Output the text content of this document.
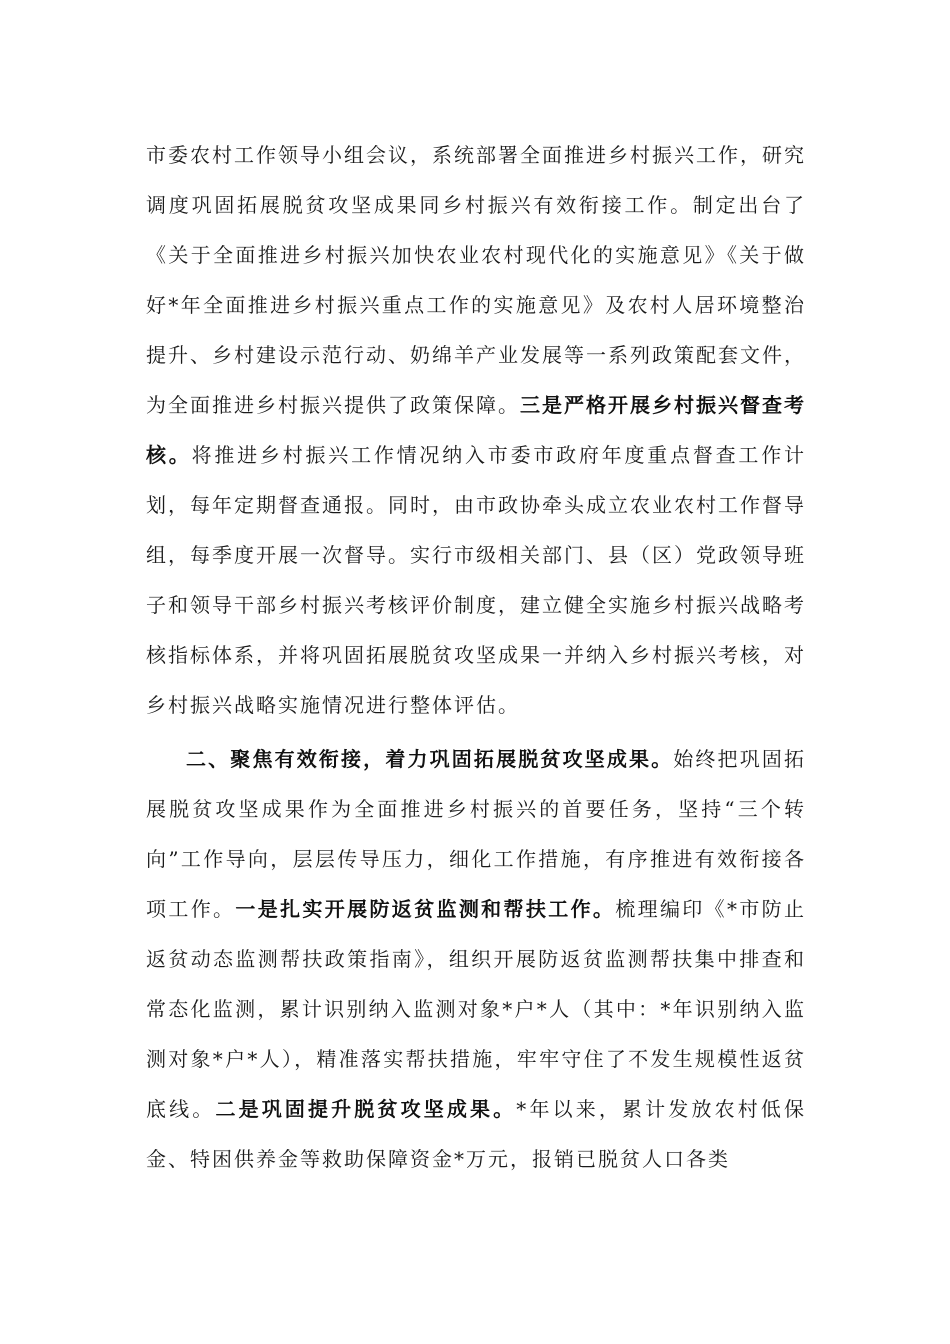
市委农村工作领导小组会议，系统部署全面推进乡村振兴工作，研究调度巩固拓展脱贫攻坚成果同乡村振兴有效衔接工作。制定出台了《关于全面推进乡村振兴加快农业农村现代化的实施意见》《关于做好*年全面推进乡村振兴重点工作的实施意见》及农村人居环境整治提升、乡村建设示范行动、奶绵羊产业发展等一系列政策配套文件，为全面推进乡村振兴提供了政策保障。三是严格开展乡村振兴督查考核。将推进乡村振兴工作情况纳入市委市政府年度重点督查工作计划，每年定期督查通报。同时，由市政协牵头成立农业农村工作督导组，每季度开展一次督导。实行市级相关部门、县（区）党政领导班子和领导干部乡村振兴考核评价制度，建立健全实施乡村振兴战略考核指标体系，并将巩固拓展脱贫攻坚成果一并纳入乡村振兴考核，对乡村振兴战略实施情况进行整体评估。

二、聚焦有效衔接，着力巩固拓展脱贫攻坚成果。始终把巩固拓展脱贫攻坚成果作为全面推进乡村振兴的首要任务，坚持“三个转向”工作导向，层层传导压力，细化工作措施，有序推进有效衔接各项工作。一是扎实开展防返贫监测和帮扶工作。梳理编印《*市防止返贫动态监测帮扶政策指南》，组织开展防返贫监测帮扶集中排查和常态化监测，累计识别纳入监测对象*户*人（其中：*年识别纳入监测对象*户*人），精准落实帮扶措施，牢牢守住了不发生规模性返贫底线。二是巩固提升脱贫攻坚成果。*年以来，累计发放农村低保金、特困供养金等救助保障资金*万元，报销已脱贫人口各类
